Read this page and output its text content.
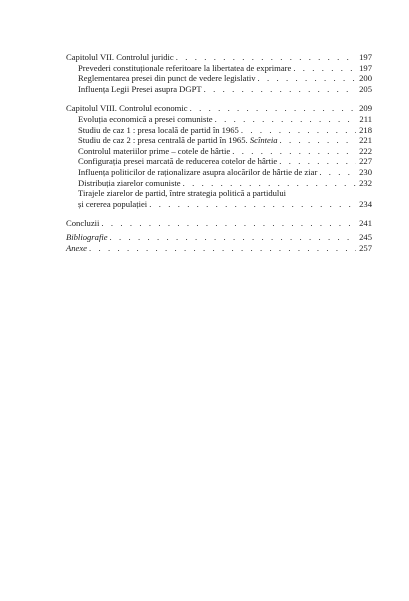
Capitolul VII. Controlul juridic . . .	197
Prevederi constituționale referitoare la libertatea de exprimare . . .	197
Reglementarea presei din punct de vedere legislativ . . .	200
Influența Legii Presei asupra DGPT . . .	205
Capitolul VIII. Controlul economic . . .	209
Evoluția economică a presei comuniste . . .	211
Studiu de caz 1 : presa locală de partid în 1965 . . .	218
Studiu de caz 2 : presa centrală de partid în 1965. Scînteia . . .	221
Controlul materiilor prime – cotele de hârtie . . .	222
Configurația presei marcată de reducerea cotelor de hârtie . . .	227
Influența politicilor de raționalizare asupra alocărilor de hârtie de ziar . . .	230
Distribuția ziarelor comuniste . . .	232
Tirajele ziarelor de partid, între strategia politică a partidului
și cererea populației . . .	234
Concluzii . . .	241
Bibliografie . . .	245
Anexe . . .	257
